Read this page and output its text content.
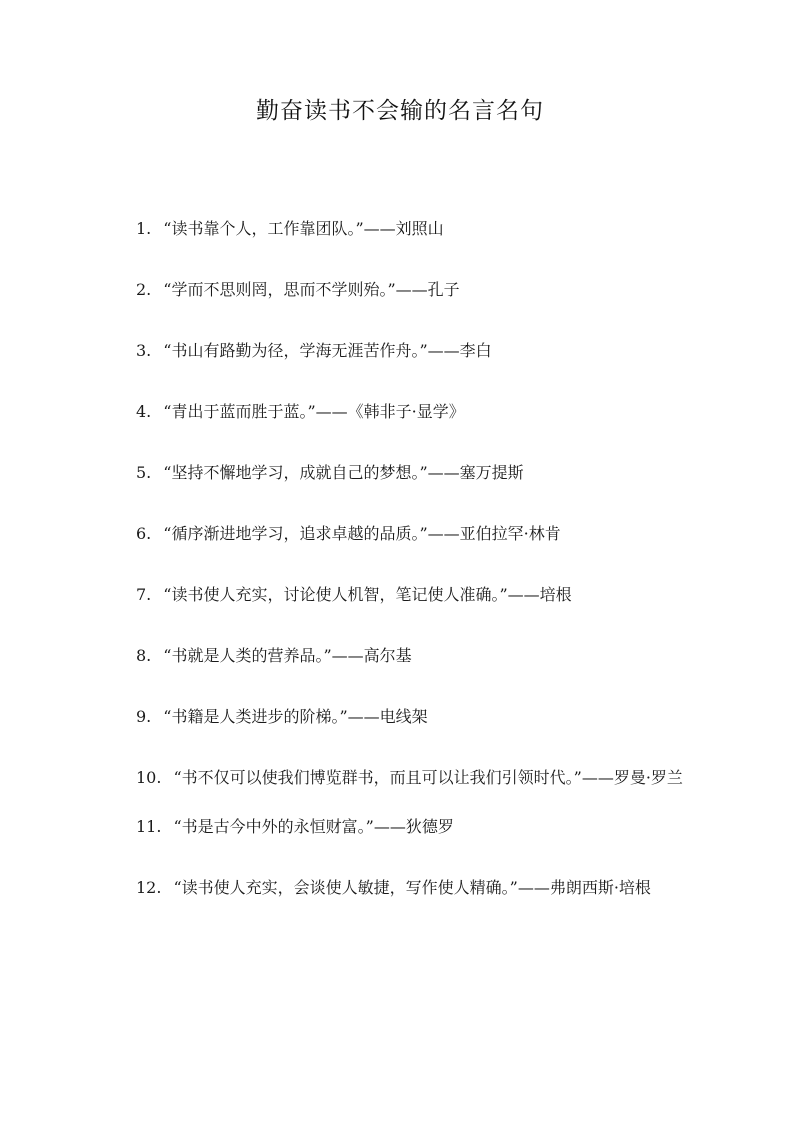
勤奋读书不会输的名言名句
1. “读书靠个人，工作靠团队。”——刘照山
2. “学而不思则罔，思而不学则殆。”——孔子
3. “书山有路勤为径，学海无涯苦作舟。”——李白
4. “青出于蓝而胜于蓝。”——《韩非子·显学》
5. “坚持不懈地学习，成就自己的梦想。”——塞万提斯
6. “循序渐进地学习，追求卓越的品质。”——亚伯拉罕·林肯
7. “读书使人充实，讨论使人机智，笔记使人准确。”——培根
8. “书就是人类的营养品。”——高尔基
9. “书籍是人类进步的阶梯。”——电线架
10. “书不仅可以使我们博览群书，而且可以让我们引领时代。”——罗曼·罗兰
11. “书是古今中外的永恒财富。”——狄德罗
12. “读书使人充实，会谈使人敏捷，写作使人精确。”——弗朗西斯·培根
